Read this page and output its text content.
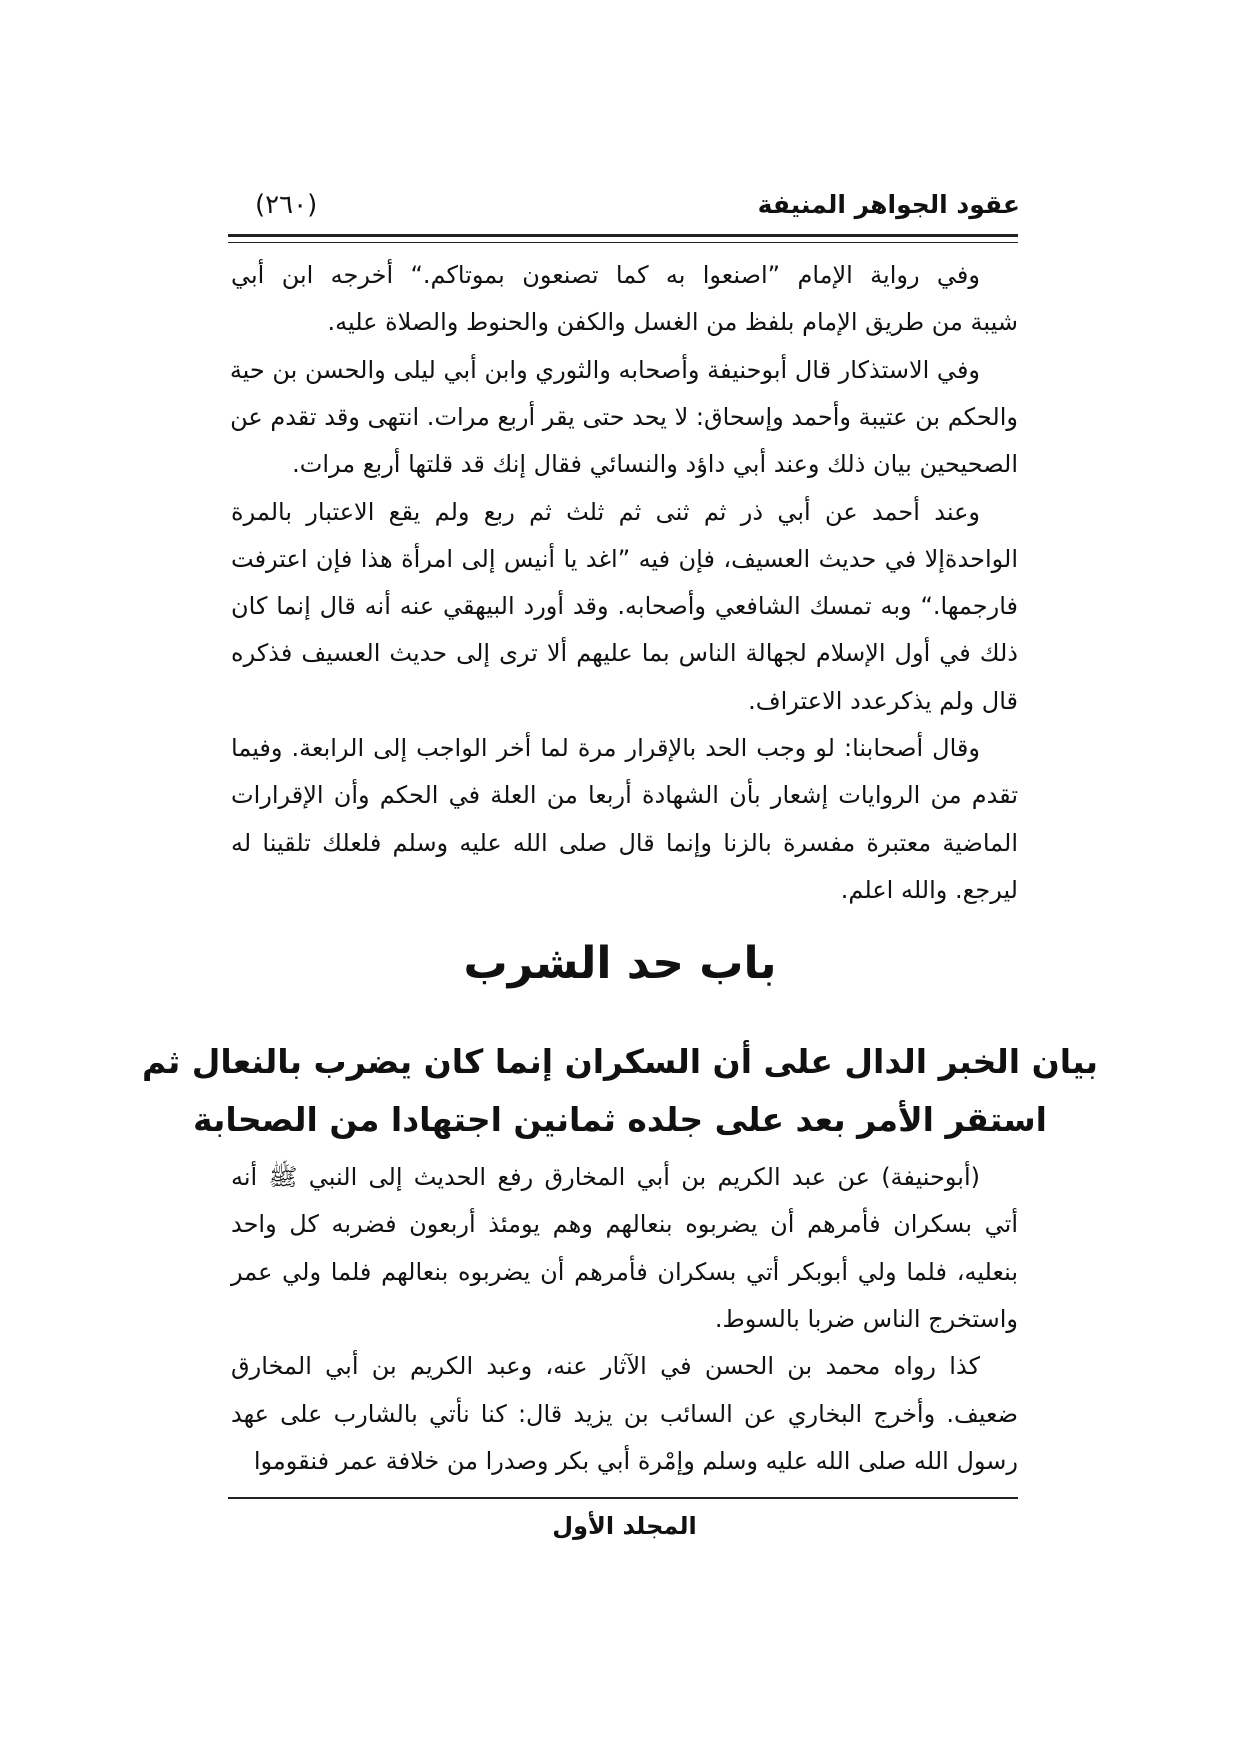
عقود الجواهر المنيفة
(٢٦٠)
وفي رواية الإمام ”اصنعوا به كما تصنعون بموتاكم.“ أخرجه ابن أبي
شيبة من طريق الإمام بلفظ من الغسل والكفن والحنوط والصلاة عليه.
وفي الاستذكار قال أبوحنيفة وأصحابه والثوري وابن أبي ليلى والحسن بن حية
والحكم بن عتيبة وأحمد وإسحاق: لا يحد حتى يقر أربع مرات. انتهى وقد تقدم عن
الصحيحين بيان ذلك وعند أبي داؤد والنسائي فقال إنك قد قلتها أربع مرات.
وعند أحمد عن أبي ذر ثم ثنى ثم ثلث ثم ربع ولم يقع الاعتبار بالمرة
الواحدةإلا في حديث العسيف، فإن فيه ”اغد يا أنيس إلى امرأة هذا فإن اعترفت
فارجمها.“ وبه تمسك الشافعي وأصحابه. وقد أورد البيهقي عنه أنه قال إنما كان
ذلك في أول الإسلام لجهالة الناس بما عليهم ألا ترى إلى حديث العسيف فذكره
قال ولم يذكرعدد الاعتراف.
وقال أصحابنا: لو وجب الحد بالإقرار مرة لما أخر الواجب إلى الرابعة. وفيما
تقدم من الروايات إشعار بأن الشهادة أربعا من العلة في الحكم وأن الإقرارات
الماضية معتبرة مفسرة بالزنا وإنما قال صلى الله عليه وسلم فلعلك تلقينا له
ليرجع. والله اعلم.
باب حد الشرب
بيان الخبر الدال على أن السكران إنما كان يضرب بالنعال ثم
استقر الأمر بعد على جلده ثمانين اجتهادا من الصحابة
(أبوحنيفة) عن عبد الكريم بن أبي المخارق رفع الحديث إلى النبي ﷺ أنه
أتي بسكران فأمرهم أن يضربوه بنعالهم وهم يومئذ أربعون فضربه كل واحد
بنعليه، فلما ولي أبوبكر أتي بسكران فأمرهم أن يضربوه بنعالهم فلما ولي عمر
واستخرج الناس ضربا بالسوط.
كذا رواه محمد بن الحسن في الآثار عنه، وعبد الكريم بن أبي المخارق
ضعيف. وأخرج البخاري عن السائب بن يزيد قال: كنا نأتي بالشارب على عهد
رسول الله صلى الله عليه وسلم وإمْرة أبي بكر وصدرا من خلافة عمر فنقوموا
المجلد الأول
